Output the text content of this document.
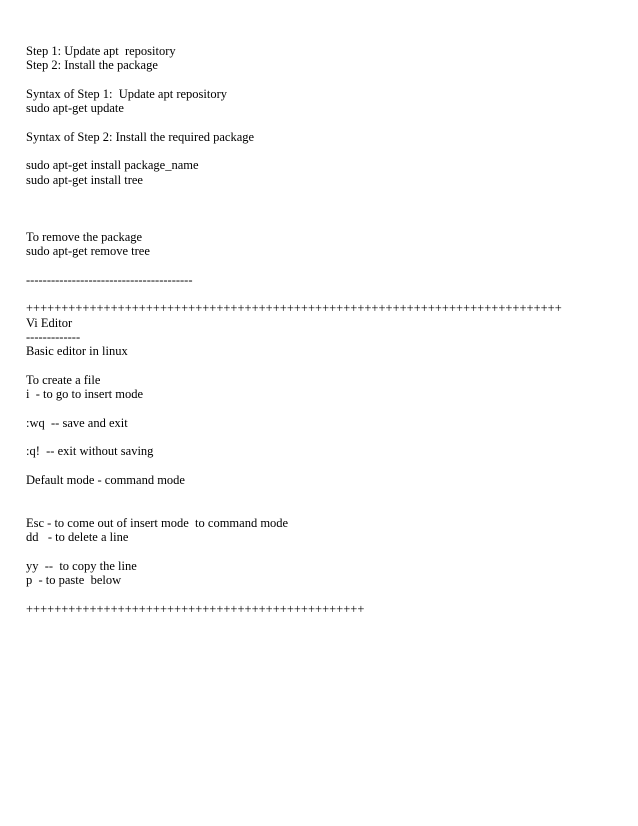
Step 1: Update apt  repository
Step 2: Install the package
Syntax of Step 1:  Update apt repository
sudo apt-get update
Syntax of Step 2: Install the required package
sudo apt-get install package_name
sudo apt-get install tree
To remove the package
sudo apt-get remove tree
----------------------------------------
++++++++++++++++++++++++++++++++++++++++++++++++++++++++++++++++++++++++++++
Vi Editor
-------------
Basic editor in linux
To create a file
i  - to go to insert mode
:wq  -- save and exit
:q!  -- exit without saving
Default mode - command mode
Esc - to come out of insert mode  to command mode
dd   - to delete a line
yy  --  to copy the line
p  - to paste  below
++++++++++++++++++++++++++++++++++++++++++++++++
